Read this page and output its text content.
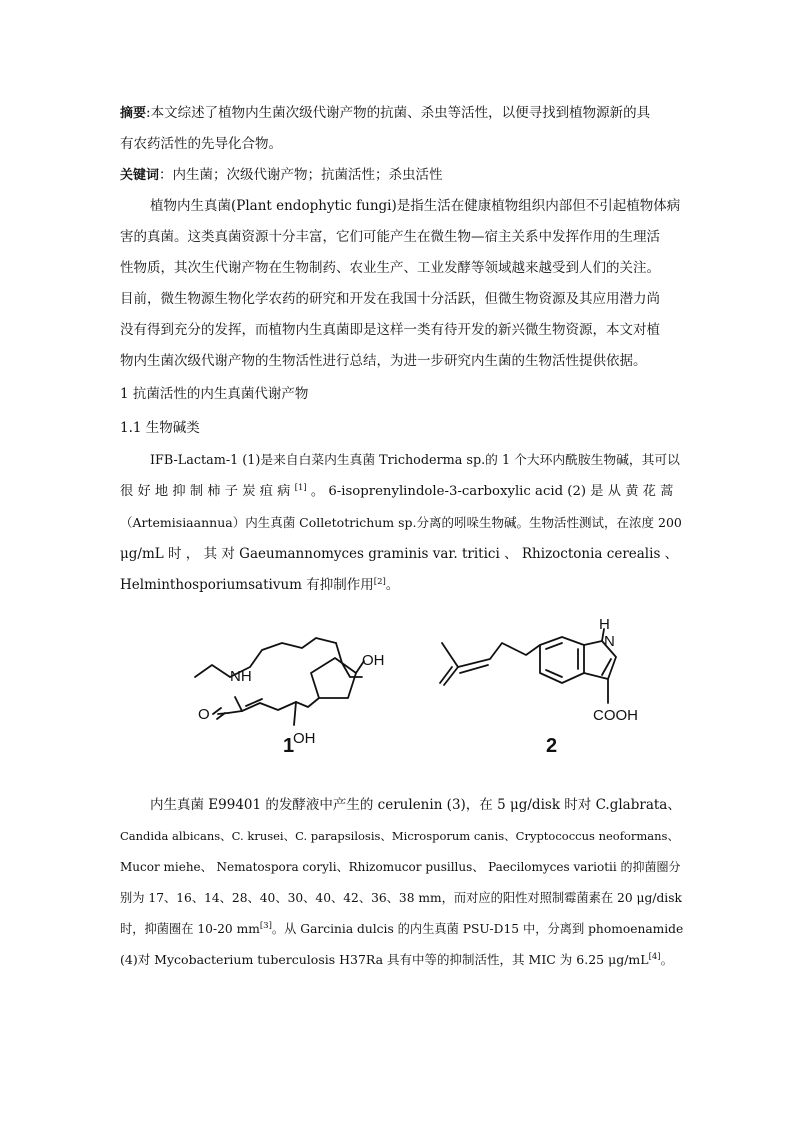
摘要:本文综述了植物内生菌次级代谢产物的抗菌、杀虫等活性，以便寻找到植物源新的具
有农药活性的先导化合物。
关键词：内生菌；次级代谢产物；抗菌活性；杀虫活性
植物内生真菌(Plant endophytic fungi)是指生活在健康植物组织内部但不引起植物体病
害的真菌。这类真菌资源十分丰富，它们可能产生在微生物—宿主关系中发挥作用的生理活
性物质，其次生代谢产物在生物制药、农业生产、工业发酵等领域越来越受到人们的关注。
目前，微生物源生物化学农药的研究和开发在我国十分活跃，但微生物资源及其应用潜力尚
没有得到充分的发挥，而植物内生真菌即是这样一类有待开发的新兴微生物资源，本文对植
物内生菌次级代谢产物的生物活性进行总结，为进一步研究内生菌的生物活性提供依据。
1 抗菌活性的内生真菌代谢产物
1.1 生物碱类
IFB-Lactam-1 (1)是来自白菜内生真菌 Trichoderma sp.的 1 个大环内酰胺生物碱，其可以
很 好 地 抑 制 柿 子 炭 疽 病 [1] 。 6-isoprenylindole-3-carboxylic acid (2) 是 从 黄 花 蒿
（Artemisiaannua）内生真菌 Colletotrichum sp.分离的吲哚生物碱。生物活性测试，在浓度 200
μg/mL 时 ， 其 对 Gaeumannomyces graminis var. tritici 、 Rhizoctonia cerealis 、
Helminthosporiumsativum 有抑制作用[2]。
NH
OH
OH
O
N
H
COOH
1	2
内生真菌 E99401 的发酵液中产生的 cerulenin (3)，在 5 μg/disk 时对 C.glabrata、
Candida albicans、C. krusei、C. parapsilosis、Microsporum canis、Cryptococcus neoformans、
Mucor miehe、 Nematospora coryli、Rhizomucor pusillus、 Paecilomyces variotii 的抑菌圈分
别为 17、16、14、28、40、30、40、42、36、38 mm，而对应的阳性对照制霉菌素在 20 μg/disk
时，抑菌圈在 10-20 mm[3]。从 Garcinia dulcis 的内生真菌 PSU-D15 中，分离到 phomoenamide
(4)对 Mycobacterium tuberculosis H37Ra 具有中等的抑制活性，其 MIC 为 6.25 μg/mL[4]。
